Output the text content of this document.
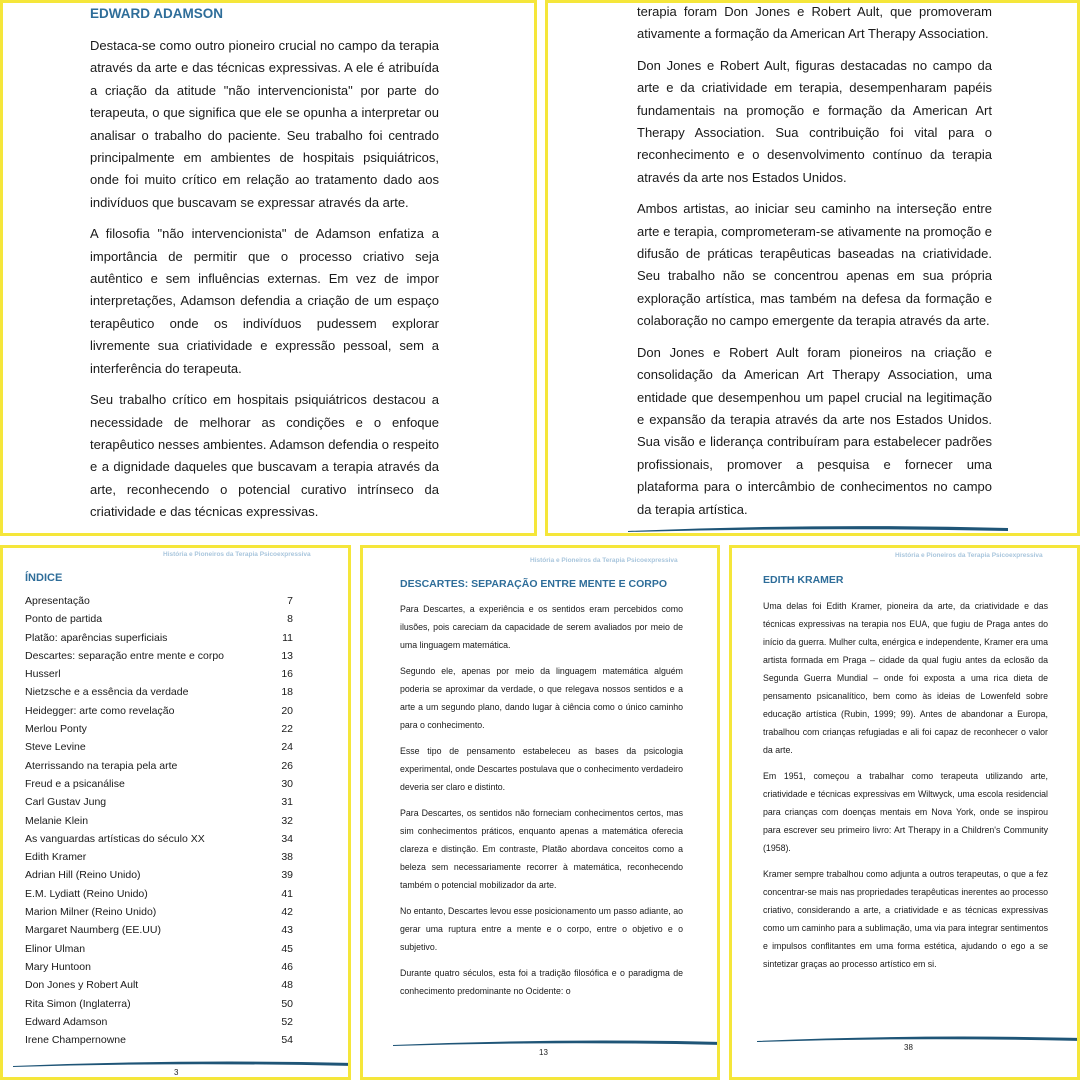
EDWARD ADAMSON

Destaca-se como outro pioneiro crucial no campo da terapia através da arte e das técnicas expressivas. A ele é atribuída a criação da atitude "não intervencionista" por parte do terapeuta, o que significa que ele se opunha a interpretar ou analisar o trabalho do paciente. Seu trabalho foi centrado principalmente em ambientes de hospitais psiquiátricos, onde foi muito crítico em relação ao tratamento dado aos indivíduos que buscavam se expressar através da arte.

A filosofia "não intervencionista" de Adamson enfatiza a importância de permitir que o processo criativo seja autêntico e sem influências externas. Em vez de impor interpretações, Adamson defendia a criação de um espaço terapêutico onde os indivíduos pudessem explorar livremente sua criatividade e expressão pessoal, sem a interferência do terapeuta.

Seu trabalho crítico em hospitais psiquiátricos destacou a necessidade de melhorar as condições e o enfoque terapêutico nesses ambientes. Adamson defendia o respeito e a dignidade daqueles que buscavam a terapia através da arte, reconhecendo o potencial curativo intrínseco da criatividade e das técnicas expressivas.

terapia foram Don Jones e Robert Ault, que promoveram ativamente a formação da American Art Therapy Association.

Don Jones e Robert Ault, figuras destacadas no campo da arte e da criatividade em terapia, desempenharam papéis fundamentais na promoção e formação da American Art Therapy Association. Sua contribuição foi vital para o reconhecimento e o desenvolvimento contínuo da terapia através da arte nos Estados Unidos.

Ambos artistas, ao iniciar seu caminho na interseção entre arte e terapia, comprometeram-se ativamente na promoção e difusão de práticas terapêuticas baseadas na criatividade. Seu trabalho não se concentrou apenas em sua própria exploração artística, mas também na defesa da formação e colaboração no campo emergente da terapia através da arte.

Don Jones e Robert Ault foram pioneiros na criação e consolidação da American Art Therapy Association, uma entidade que desempenhou um papel crucial na legitimação e expansão da terapia através da arte nos Estados Unidos. Sua visão e liderança contribuíram para estabelecer padrões profissionais, promover a pesquisa e fornecer uma plataforma para o intercâmbio de conhecimentos no campo da terapia artística.

História e Pioneiros da Terapia Psicoexpressiva
ÍNDICE
Apresentação	7
Ponto de partida	8
Platão: aparências superficiais	11
Descartes: separação entre mente e corpo	13
Husserl	16
Nietzsche e a essência da verdade	18
Heidegger: arte como revelação	20
Merlou Ponty	22
Steve Levine	24
Aterrissando na terapia pela arte	26
Freud e a psicanálise	30
Carl Gustav Jung	31
Melanie Klein	32
As vanguardas artísticas do século XX	34
Edith Kramer	38
Adrian Hill (Reino Unido)	39
E.M. Lydiatt (Reino Unido)	41
Marion Milner (Reino Unido)	42
Margaret Naumberg (EE.UU)	43
Elinor Ulman	45
Mary Huntoon	46
Don Jones y Robert Ault	48
Rita Simon (Inglaterra)	50
Edward Adamson	52
Irene Champernowne	54
3
História e Pioneiros da Terapia Psicoexpressiva
DESCARTES: SEPARAÇÃO ENTRE MENTE E CORPO

Para Descartes, a experiência e os sentidos eram percebidos como ilusões, pois careciam da capacidade de serem avaliados por meio de uma linguagem matemática.

Segundo ele, apenas por meio da linguagem matemática alguém poderia se aproximar da verdade, o que relegava nossos sentidos e a arte a um segundo plano, dando lugar à ciência como o único caminho para o conhecimento.

Esse tipo de pensamento estabeleceu as bases da psicologia experimental, onde Descartes postulava que o conhecimento verdadeiro deveria ser claro e distinto.

Para Descartes, os sentidos não forneciam conhecimentos certos, mas sim conhecimentos práticos, enquanto apenas a matemática oferecia clareza e distinção. Em contraste, Platão abordava conceitos como a beleza sem necessariamente recorrer à matemática, reconhecendo também o potencial mobilizador da arte.

No entanto, Descartes levou esse posicionamento um passo adiante, ao gerar uma ruptura entre a mente e o corpo, entre o objetivo e o subjetivo.

Durante quatro séculos, esta foi a tradição filosófica e o paradigma de conhecimento predominante no Ocidente: o

13
História e Pioneiros da Terapia Psicoexpressiva
EDITH KRAMER

Uma delas foi Edith Kramer, pioneira da arte, da criatividade e das técnicas expressivas na terapia nos EUA, que fugiu de Praga antes do início da guerra. Mulher culta, enérgica e independente, Kramer era uma artista formada em Praga – cidade da qual fugiu antes da eclosão da Segunda Guerra Mundial – onde foi exposta a uma rica dieta de pensamento psicanalítico, bem como às ideias de Lowenfeld sobre educação artística (Rubin, 1999; 99). Antes de abandonar a Europa, trabalhou com crianças refugiadas e ali foi capaz de reconhecer o valor da arte.

Em 1951, começou a trabalhar como terapeuta utilizando arte, criatividade e técnicas expressivas em Wiltwyck, uma escola residencial para crianças com doenças mentais em Nova York, onde se inspirou para escrever seu primeiro livro: Art Therapy in a Children's Community (1958).

Kramer sempre trabalhou como adjunta a outros terapeutas, o que a fez concentrar-se mais nas propriedades terapêuticas inerentes ao processo criativo, considerando a arte, a criatividade e as técnicas expressivas como um caminho para a sublimação, uma via para integrar sentimentos e impulsos conflitantes em uma forma estética, ajudando o ego a se sintetizar graças ao processo artístico em si.

38
